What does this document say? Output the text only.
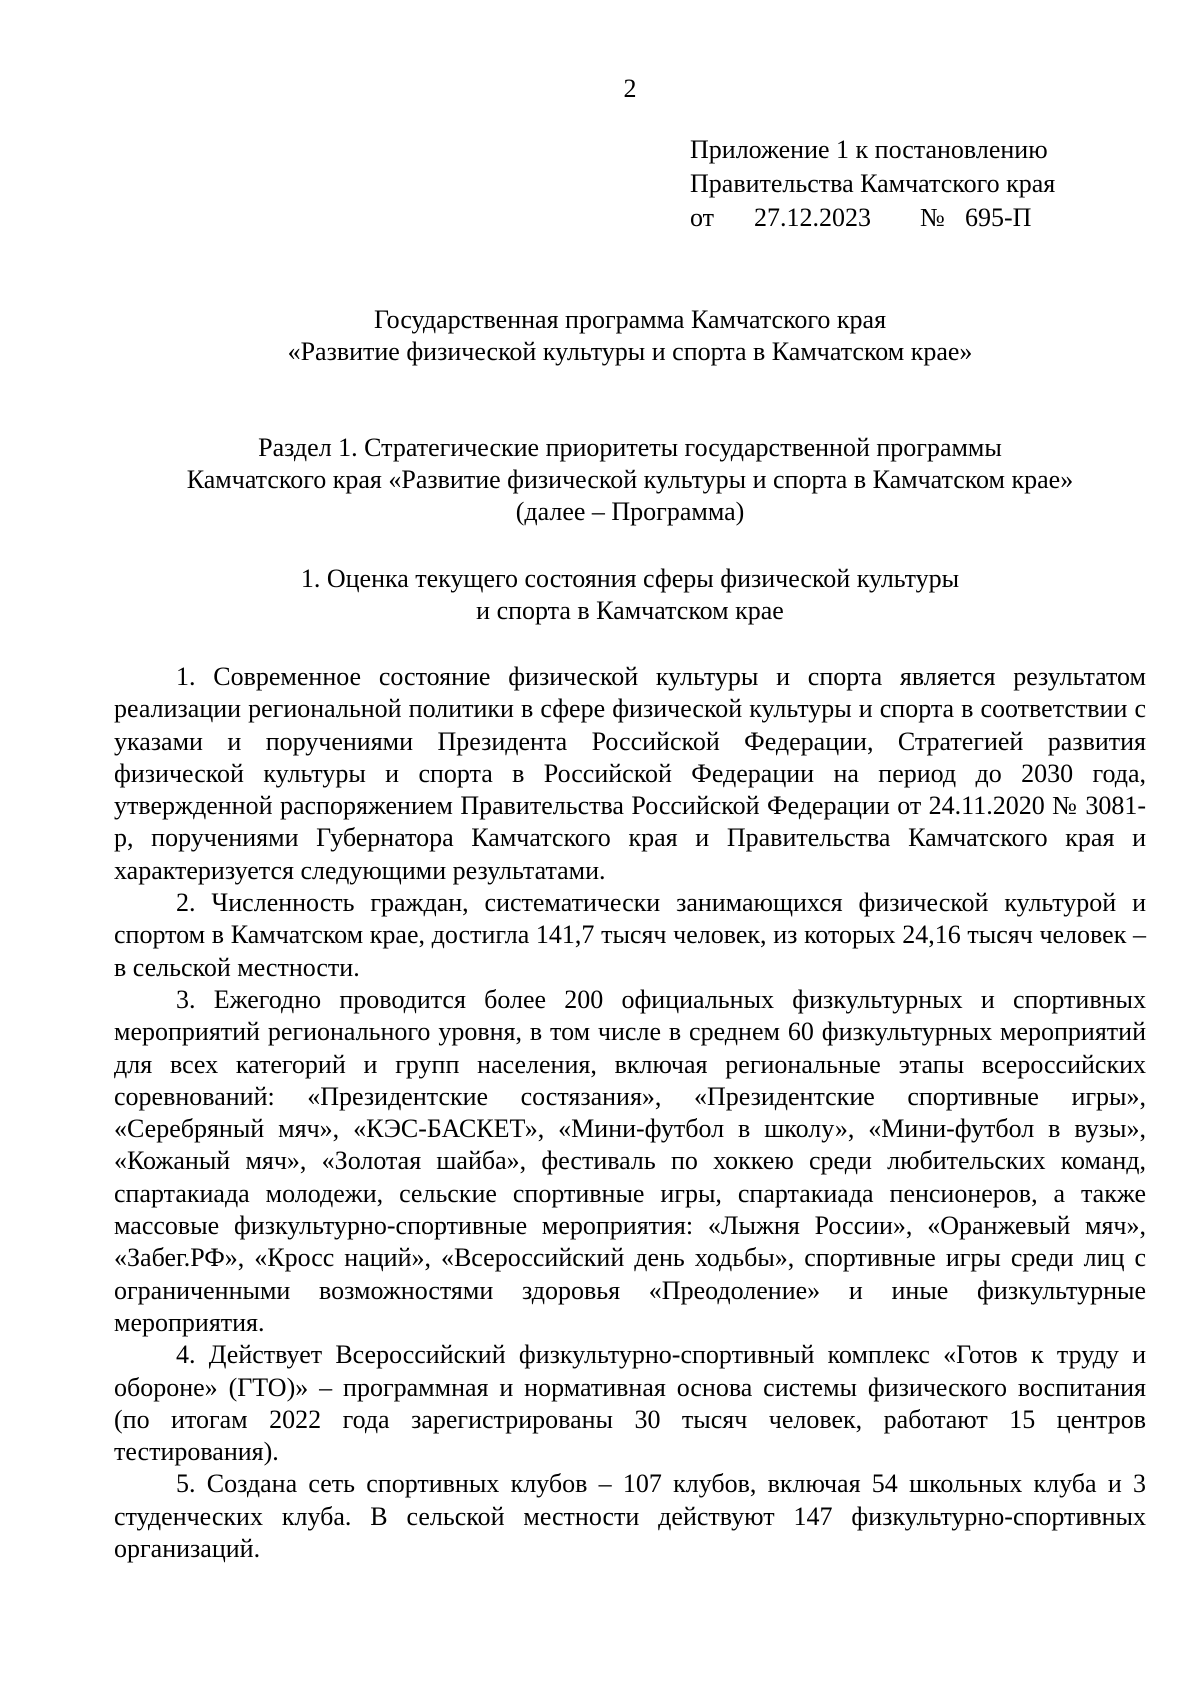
2
Приложение 1 к постановлению
Правительства Камчатского края
от 27.12.2023 № 695-П
Государственная программа Камчатского края
«Развитие физической культуры и спорта в Камчатском крае»
Раздел 1. Стратегические приоритеты государственной программы
Камчатского края «Развитие физической культуры и спорта в Камчатском крае»
(далее – Программа)
1. Оценка текущего состояния сферы физической культуры
и спорта в Камчатском крае

1. Современное состояние физической культуры и спорта является результатом реализации региональной политики в сфере физической культуры и спорта в соответствии с указами и поручениями Президента Российской Федерации, Стратегией развития физической культуры и спорта в Российской Федерации на период до 2030 года, утвержденной распоряжением Правительства Российской Федерации от 24.11.2020 № 3081-р, поручениями Губернатора Камчатского края и Правительства Камчатского края и характеризуется следующими результатами.

2. Численность граждан, систематически занимающихся физической культурой и спортом в Камчатском крае, достигла 141,7 тысяч человек, из которых 24,16 тысяч человек – в сельской местности.

3. Ежегодно проводится более 200 официальных физкультурных и спортивных мероприятий регионального уровня, в том числе в среднем 60 физкультурных мероприятий для всех категорий и групп населения, включая региональные этапы всероссийских соревнований: «Президентские состязания», «Президентские спортивные игры», «Серебряный мяч», «КЭС-БАСКЕТ», «Мини-футбол в школу», «Мини-футбол в вузы», «Кожаный мяч», «Золотая шайба», фестиваль по хоккею среди любительских команд, спартакиада молодежи, сельские спортивные игры, спартакиада пенсионеров, а также массовые физкультурно-спортивные мероприятия: «Лыжня России», «Оранжевый мяч», «Забег.РФ», «Кросс наций», «Всероссийский день ходьбы», спортивные игры среди лиц с ограниченными возможностями здоровья «Преодоление» и иные физкультурные мероприятия.

4. Действует Всероссийский физкультурно-спортивный комплекс «Готов к труду и обороне» (ГТО)» – программная и нормативная основа системы физического воспитания (по итогам 2022 года зарегистрированы 30 тысяч человек, работают 15 центров тестирования).

5. Создана сеть спортивных клубов – 107 клубов, включая 54 школьных клуба и 3 студенческих клуба. В сельской местности действуют 147 физкультурно-спортивных организаций.
